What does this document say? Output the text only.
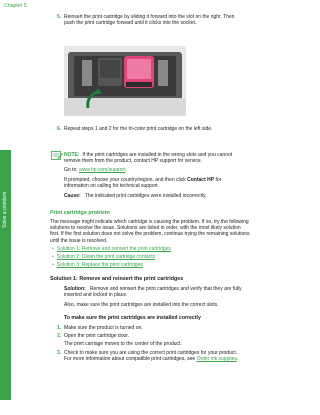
Chapter 5
Solve a problem
5. Reinsert the print cartridge by sliding it forward into the slot on the right. Then
push the print cartridge forward until it clicks into the socket.
6. Repeat steps 1 and 2 for the tri-color print cartridge on the left side.
NOTE: If the print cartridges are installed in the wrong slots and you cannot
remove them from the product, contact HP support for service.
Go to: www.hp.com/support.
If prompted, choose your country/region, and then click Contact HP for
information on calling for technical support.
Cause: The indicated print cartridges were installed incorrectly.
Print cartridge problem
The message might indicate which cartridge is causing the problem. If so, try the following
solutions to resolve the issue. Solutions are listed in order, with the most likely solution
first. If the first solution does not solve the problem, continue trying the remaining solutions
until the issue is resolved.
• Solution 1: Remove and reinsert the print cartridges
• Solution 2: Clean the print cartridge contacts
• Solution 3: Replace the print cartridges
Solution 1: Remove and reinsert the print cartridges
Solution: Remove and reinsert the print cartridges and verify that they are fully
inserted and locked in place.
Also, make sure the print cartridges are installed into the correct slots.
To make sure the print cartridges are installed correctly
1. Make sure the product is turned on.
2. Open the print cartridge door.
The print carriage moves to the center of the product.
3. Check to make sure you are using the correct print cartridges for your product.
For more information about compatible print cartridges, see Order ink supplies.
